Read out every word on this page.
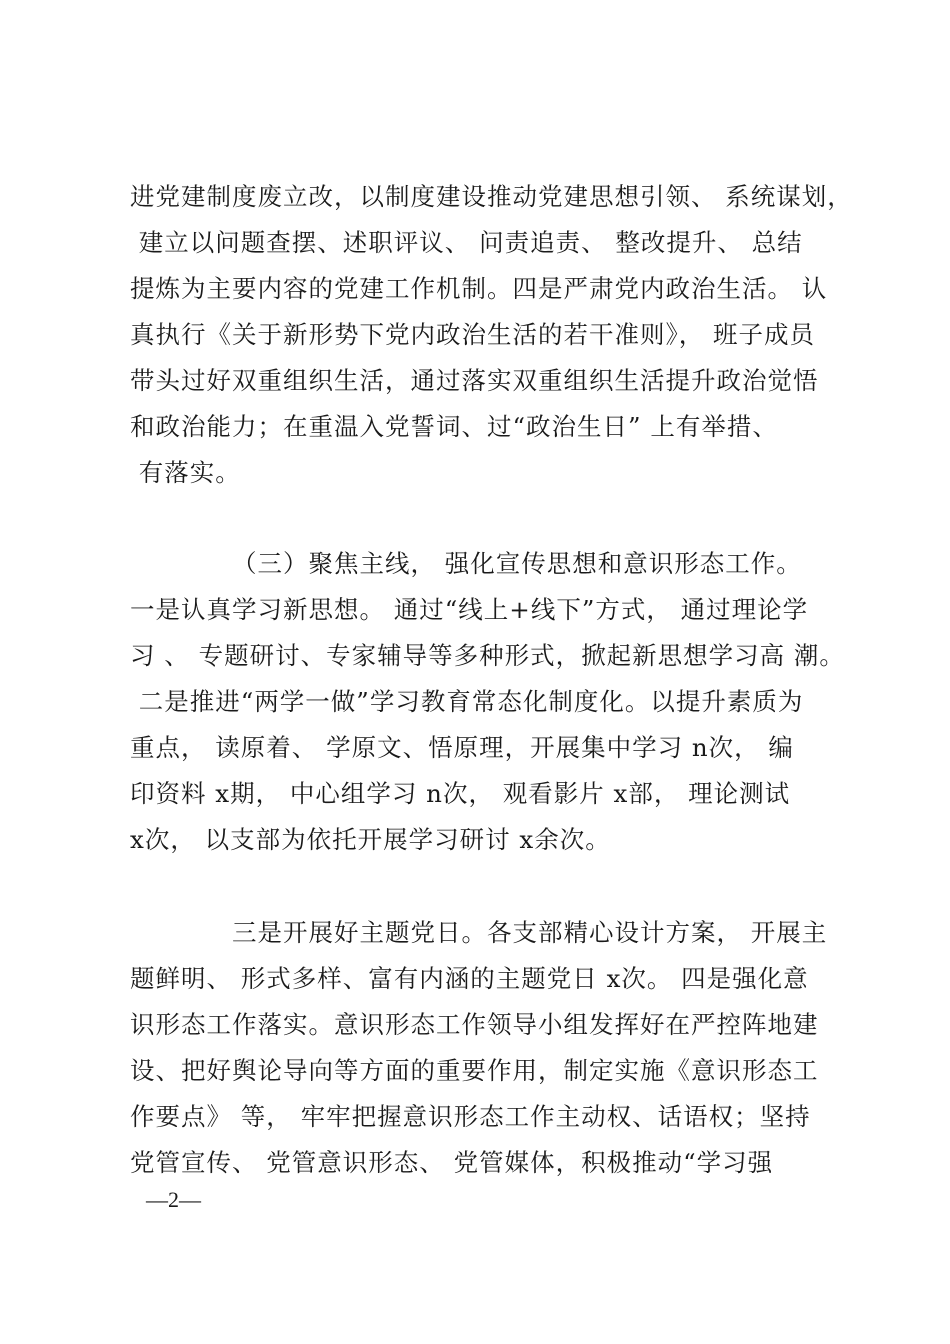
进党建制度废立改，以制度建设推动党建思想引领、 系统谋划，
建立以问题查摆、述职评议、 问责追责、 整改提升、 总结
提炼为主要内容的党建工作机制。四是严肃党内政治生活。 认
真执行《关于新形势下党内政治生活的若干准则》， 班子成员
带头过好双重组织生活，通过落实双重组织生活提升政治觉悟
和政治能力；在重温入党誓词、过“政治生日” 上有举措、
有落实。
（三）聚焦主线， 强化宣传思想和意识形态工作。
一是认真学习新思想。 通过“线上+线下”方式， 通过理论学
习 、 专题研讨、专家辅导等多种形式，掀起新思想学习高 潮。
二是推进“两学一做”学习教育常态化制度化。以提升素质为
重点， 读原着、 学原文、悟原理，开展集中学习 n次， 编
印资料 x期， 中心组学习 n次， 观看影片 x部， 理论测试
x次， 以支部为依托开展学习研讨 x余次。
三是开展好主题党日。各支部精心设计方案， 开展主
题鲜明、 形式多样、富有内涵的主题党日 x次。 四是强化意
识形态工作落实。意识形态工作领导小组发挥好在严控阵地建
设、把好舆论导向等方面的重要作用，制定实施《意识形态工
作要点》 等， 牢牢把握意识形态工作主动权、话语权；坚持
党管宣传、 党管意识形态、 党管媒体，积极推动“学习强
—2—
